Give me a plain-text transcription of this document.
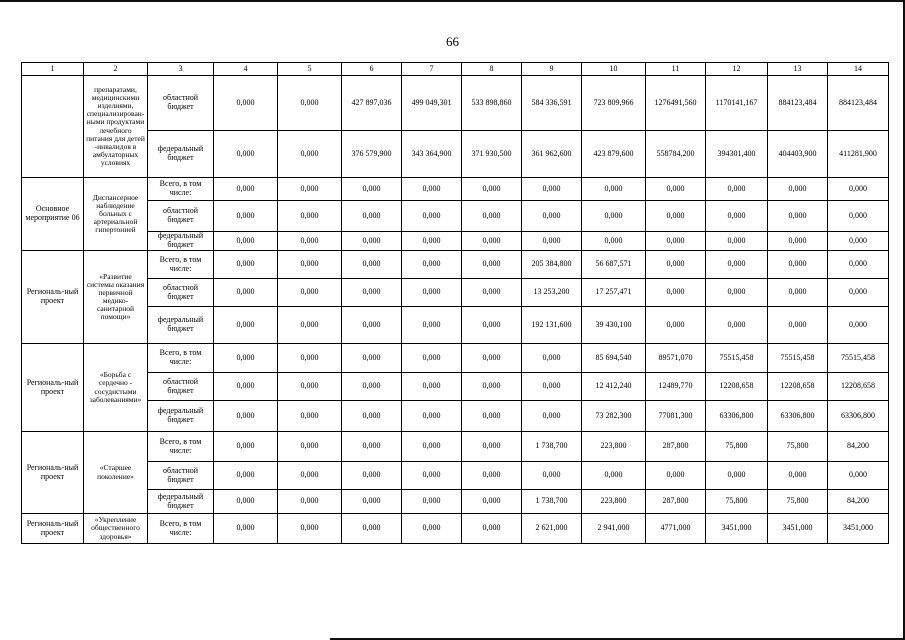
66
1	2	3	4	5	6	7	8	9	10	11	12	13	14
	препаратами, медицинскими изделиями, специализирован-ными продуктами лечебного питания для детей -инвалидов в амбулаторных условиях	областной бюджет	0,000	0,000	427 897,036	499 049,301	533 898,860	584 336,591	723 809,966	1276491,560	1170141,167	884123,484	884123,484
		федеральный бюджет	0,000	0,000	376 579,900	343 364,900	371 930,500	361 962,600	423 879,600	558784,200	394301,400	404403,900	411281,900
Основное мероприятие 06	Диспансерное наблюдение больных с артериальной гипертонией	Всего, в том числе:	0,000	0,000	0,000	0,000	0,000	0,000	0,000	0,000	0,000	0,000	0,000
		областной бюджет	0,000	0,000	0,000	0,000	0,000	0,000	0,000	0,000	0,000	0,000	0,000
		федеральный бюджет	0,000	0,000	0,000	0,000	0,000	0,000	0,000	0,000	0,000	0,000	0,000
Региональ-ный проект	«Развитие системы оказания первичной медико-санитарной помощи»	Всего, в том числе:	0,000	0,000	0,000	0,000	0,000	205 384,800	56 687,571	0,000	0,000	0,000	0,000
		областной бюджет	0,000	0,000	0,000	0,000	0,000	13 253,200	17 257,471	0,000	0,000	0,000	0,000
		федеральный бюджет	0,000	0,000	0,000	0,000	0,000	192 131,600	39 430,100	0,000	0,000	0,000	0,000
Региональ-ный проект	«Борьба с сердечно - сосудистыми заболеваниями»	Всего, в том числе:	0,000	0,000	0,000	0,000	0,000	0,000	85 694,540	89571,070	75515,458	75515,458	75515,458
		областной бюджет	0,000	0,000	0,000	0,000	0,000	0,000	12 412,240	12489,770	12208,658	12208,658	12208,658
		федеральный бюджет	0,000	0,000	0,000	0,000	0,000	0,000	73 282,300	77081,300	63306,800	63306,800	63306,800
Региональ-ный проект	«Старшее поколение»	Всего, в том числе:	0,000	0,000	0,000	0,000	0,000	1 738,700	223,800	287,800	75,800	75,800	84,200
		областной бюджет	0,000	0,000	0,000	0,000	0,000	0,000	0,000	0,000	0,000	0,000	0,000
		федеральный бюджет	0,000	0,000	0,000	0,000	0,000	1 738,700	223,800	287,800	75,800	75,800	84,200
Региональ-ный проект	«Укрепление общественного здоровья»	Всего, в том числе:	0,000	0,000	0,000	0,000	0,000	2 621,000	2 941,000	4771,000	3451,000	3451,000	3451,000
